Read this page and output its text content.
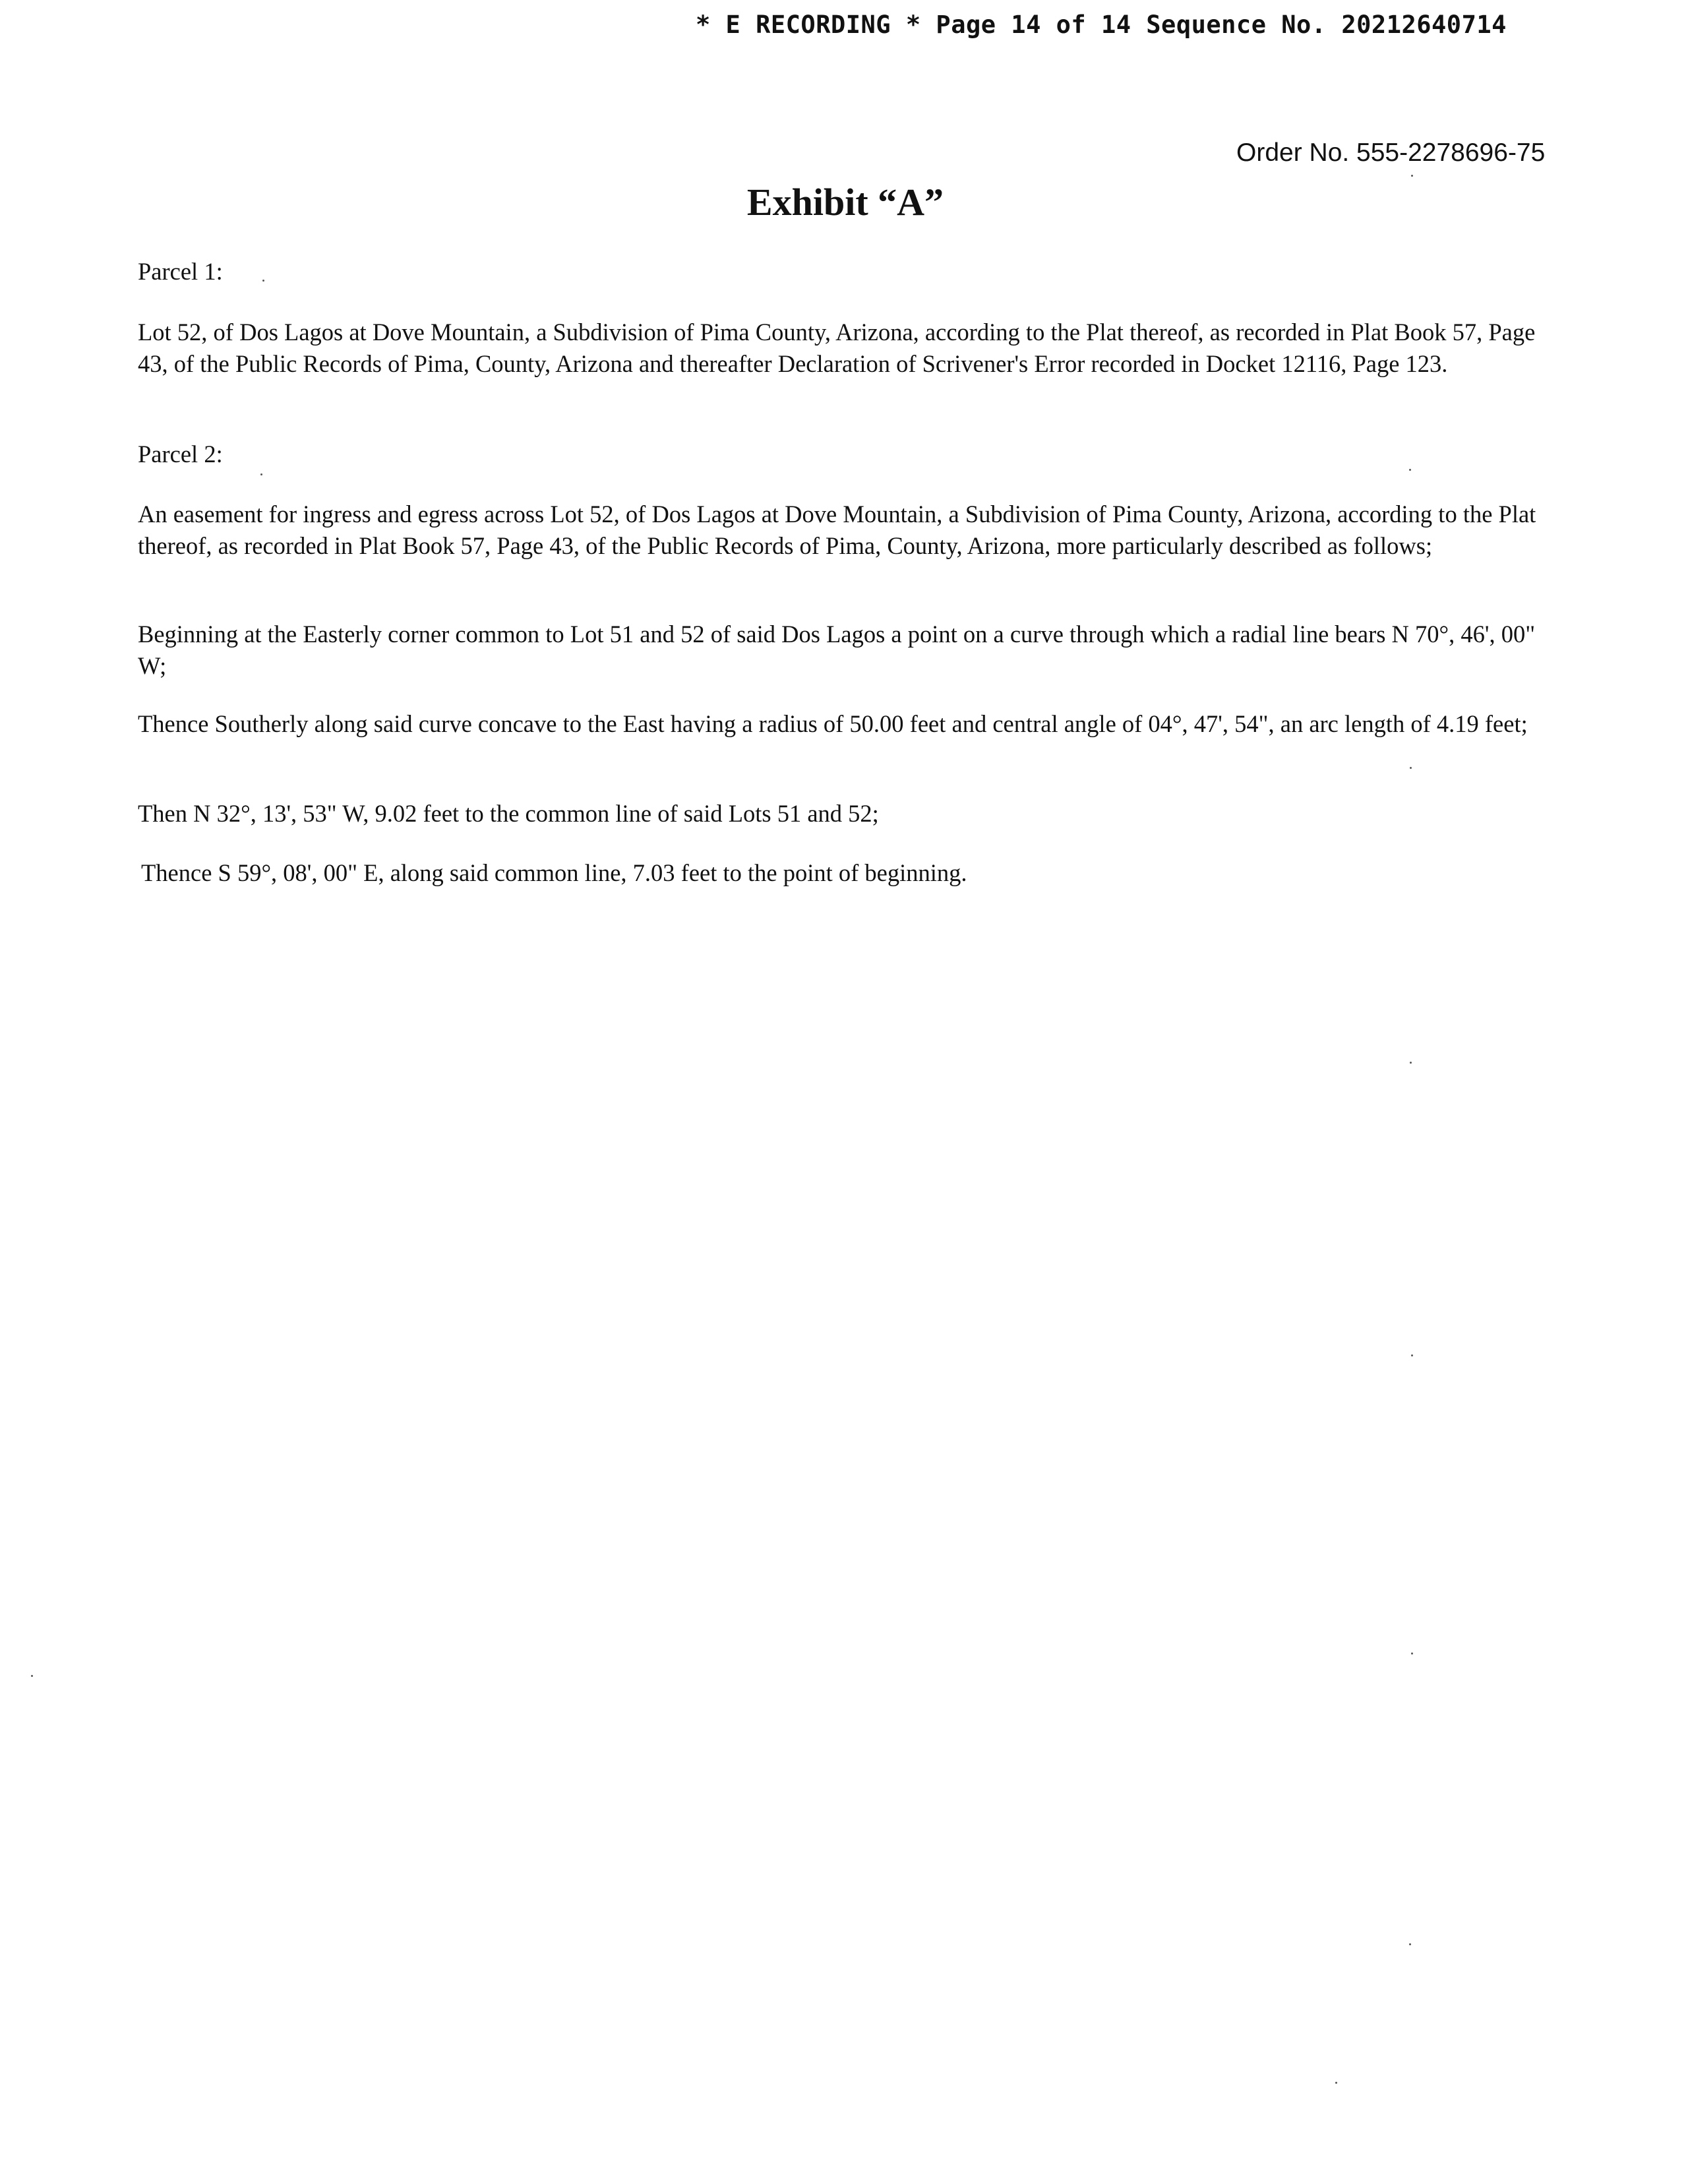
* E RECORDING * Page 14 of 14 Sequence No. 20212640714
Order No. 555-2278696-75
Exhibit “A”
Parcel 1:
Lot 52, of Dos Lagos at Dove Mountain, a Subdivision of Pima County, Arizona, according to the Plat thereof, as recorded in Plat Book 57, Page 43, of the Public Records of Pima, County, Arizona and thereafter Declaration of Scrivener's Error recorded in Docket 12116, Page 123.
Parcel 2:
An easement for ingress and egress across Lot 52, of Dos Lagos at Dove Mountain, a Subdivision of Pima County, Arizona, according to the Plat thereof, as recorded in Plat Book 57, Page 43, of the Public Records of Pima, County, Arizona, more particularly described as follows;
Beginning at the Easterly corner common to Lot 51 and 52 of said Dos Lagos a point on a curve through which a radial line bears N 70°, 46', 00" W;
Thence Southerly along said curve concave to the East having a radius of 50.00 feet and central angle of 04°, 47', 54", an arc length of 4.19 feet;
Then N 32°, 13', 53" W, 9.02 feet to the common line of said Lots 51 and 52;
Thence S 59°, 08', 00" E, along said common line, 7.03 feet to the point of beginning.
